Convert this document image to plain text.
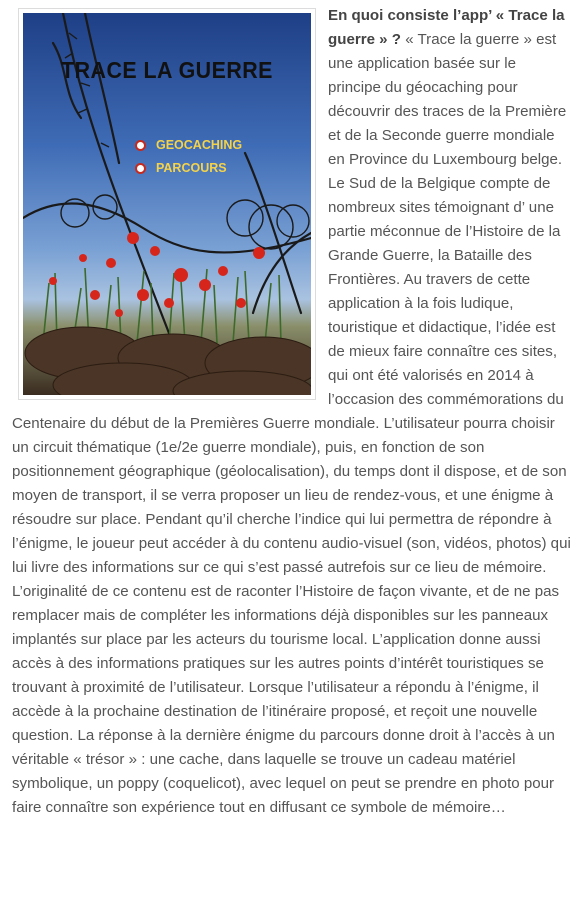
TRACE LA GUERRE
GEOCACHING
PARCOURS

En quoi consiste l’app’ « Trace la guerre » ? « Trace la guerre » est une application basée sur le principe du géocaching pour découvrir des traces de la Première et de la Seconde guerre mondiale en Province du Luxembourg belge. Le Sud de la Belgique compte de nombreux sites témoignant d’ une partie méconnue de l’Histoire de la Grande Guerre, la Bataille des Frontières. Au travers de cette application à la fois ludique, touristique et didactique, l’idée est de mieux faire connaître ces sites, qui ont été valorisés en 2014 à l’occasion des commémorations du Centenaire du début de la Premières Guerre mondiale. L’utilisateur pourra choisir un circuit thématique (1e/2e guerre mondiale), puis, en fonction de son positionnement géographique (géolocalisation), du temps dont il dispose, et de son moyen de transport, il se verra proposer un lieu de rendez-vous, et une énigme à résoudre sur place. Pendant qu’il cherche l’indice qui lui permettra de répondre à l’énigme, le joueur peut accéder à du contenu audio-visuel (son, vidéos, photos) qui lui livre des informations sur ce qui s’est passé autrefois sur ce lieu de mémoire. L’originalité de ce contenu est de raconter l’Histoire de façon vivante, et de ne pas remplacer mais de compléter les informations déjà disponibles sur les panneaux implantés sur place par les acteurs du tourisme local. L’application donne aussi accès à des informations pratiques sur les autres points d’intérêt touristiques se trouvant à proximité de l’utilisateur. Lorsque l’utilisateur a répondu à l’énigme, il accède à la prochaine destination de l’itinéraire proposé, et reçoit une nouvelle question. La réponse à la dernière énigme du parcours donne droit à l’accès à un véritable « trésor » : une cache, dans laquelle se trouve un cadeau matériel symbolique, un poppy (coquelicot), avec lequel on peut se prendre en photo pour faire connaître son expérience tout en diffusant ce symbole de mémoire…
